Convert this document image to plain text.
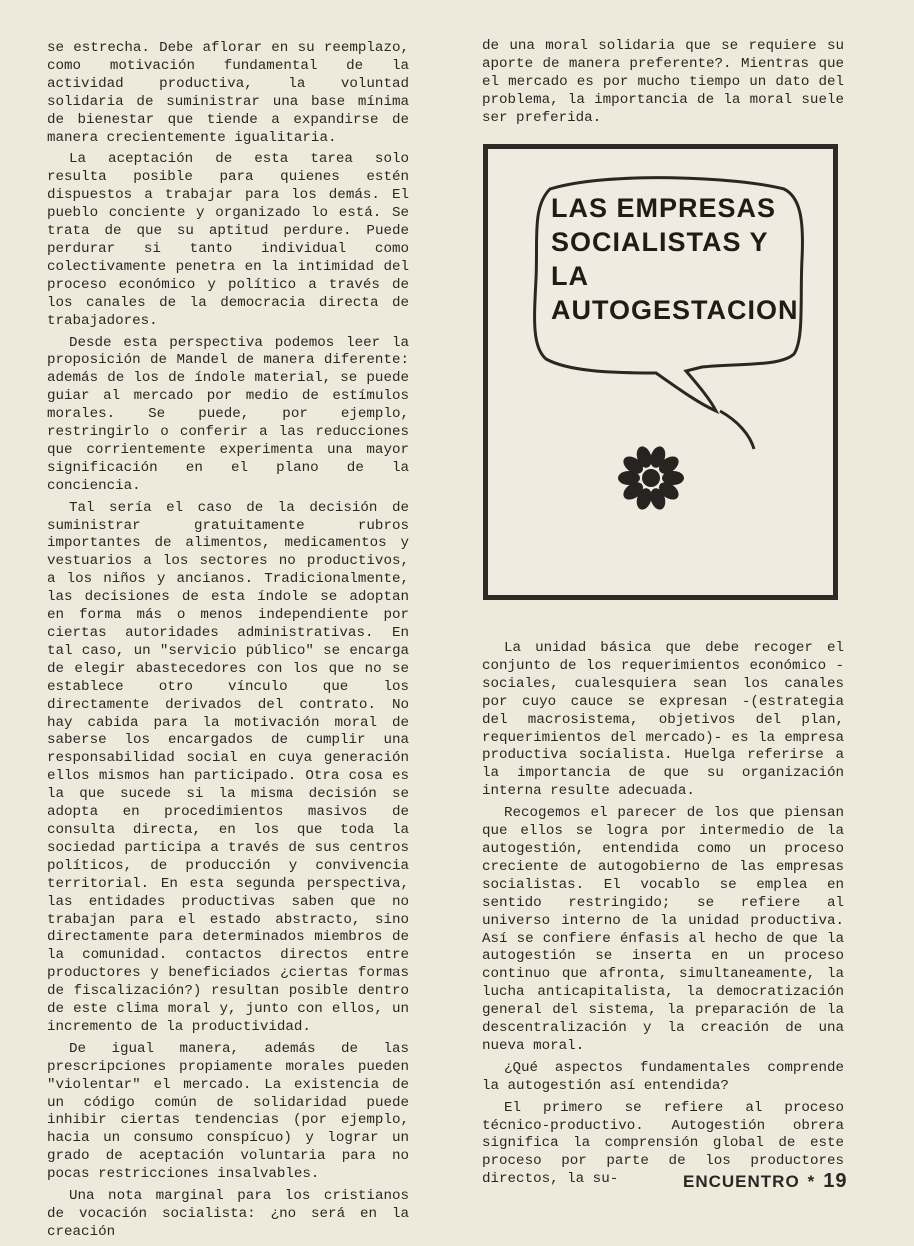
se estrecha. Debe aflorar en su reemplazo, como motivación fundamental de la actividad productiva, la voluntad solidaria de suministrar una base mínima de bienestar que tiende a expandirse de manera crecientemente igualitaria.

La aceptación de esta tarea solo resulta posible para quienes estén dispuestos a trabajar para los demás. El pueblo conciente y organizado lo está. Se trata de que su aptitud perdure. Puede perdurar si tanto individual como colectivamente penetra en la intimidad del proceso económico y político a través de los canales de la democracia directa de trabajadores.

Desde esta perspectiva podemos leer la proposición de Mandel de manera diferente: además de los de índole material, se puede guiar al mercado por medio de estímulos morales. Se puede, por ejemplo, restringirlo o conferir a las reducciones que corrientemente experimenta una mayor significación en el plano de la conciencia.

Tal sería el caso de la decisión de suministrar gratuitamente rubros importantes de alimentos, medicamentos y vestuarios a los sectores no productivos, a los niños y ancianos. Tradicionalmente, las decisiones de esta índole se adoptan en forma más o menos independiente por ciertas autoridades administrativas. En tal caso, un "servicio público" se encarga de elegir abastecedores con los que no se establece otro vínculo que los directamente derivados del contrato. No hay cabida para la motivación moral de saberse los encargados de cumplir una responsabilidad social en cuya generación ellos mismos han participado. Otra cosa es la que sucede si la misma decisión se adopta en procedimientos masivos de consulta directa, en los que toda la sociedad participa a través de sus centros políticos, de producción y convivencia territorial. En esta segunda perspectiva, las entidades productivas saben que no trabajan para el estado abstracto, sino directamente para determinados miembros de la comunidad. contactos directos entre productores y beneficiados ¿ciertas formas de fiscalización?) resultan posible dentro de este clima moral y, junto con ellos, un incremento de la productividad.

De igual manera, además de las prescripciones propiamente morales pueden "violentar" el mercado. La existencia de un código común de solidaridad puede inhibir ciertas tendencias (por ejemplo, hacia un consumo conspícuo) y lograr un grado de aceptación voluntaria para no pocas restricciones insalvables.

Una nota marginal para los cristianos de vocación socialista: ¿no será en la creación

de una moral solidaria que se requiere su aporte de manera preferente?. Mientras que el mercado es por mucho tiempo un dato del problema, la importancia de la moral suele ser preferida.

LAS EMPRESAS SOCIALISTAS Y LA AUTOGESTACION

La unidad básica que debe recoger el conjunto de los requerimientos económico - sociales, cualesquiera sean los canales por cuyo cauce se expresan -(estrategia del macrosistema, objetivos del plan, requerimientos del mercado)- es la empresa productiva socialista. Huelga referirse a la importancia de que su organización interna resulte adecuada.

Recogemos el parecer de los que piensan que ellos se logra por intermedio de la autogestión, entendida como un proceso creciente de autogobierno de las empresas socialistas. El vocablo se emplea en sentido restringido; se refiere al universo interno de la unidad productiva. Así se confiere énfasis al hecho de que la autogestión se inserta en un proceso continuo que afronta, simultaneamente, la lucha anticapitalista, la democratización general del sistema, la preparación de la descentralización y la creación de una nueva moral.

¿Qué aspectos fundamentales comprende la autogestión así entendida?

El primero se refiere al proceso técnico-productivo. Autogestión obrera significa la comprensión global de este proceso por parte de los productores directos, la su-	ENCUENTRO * 19
